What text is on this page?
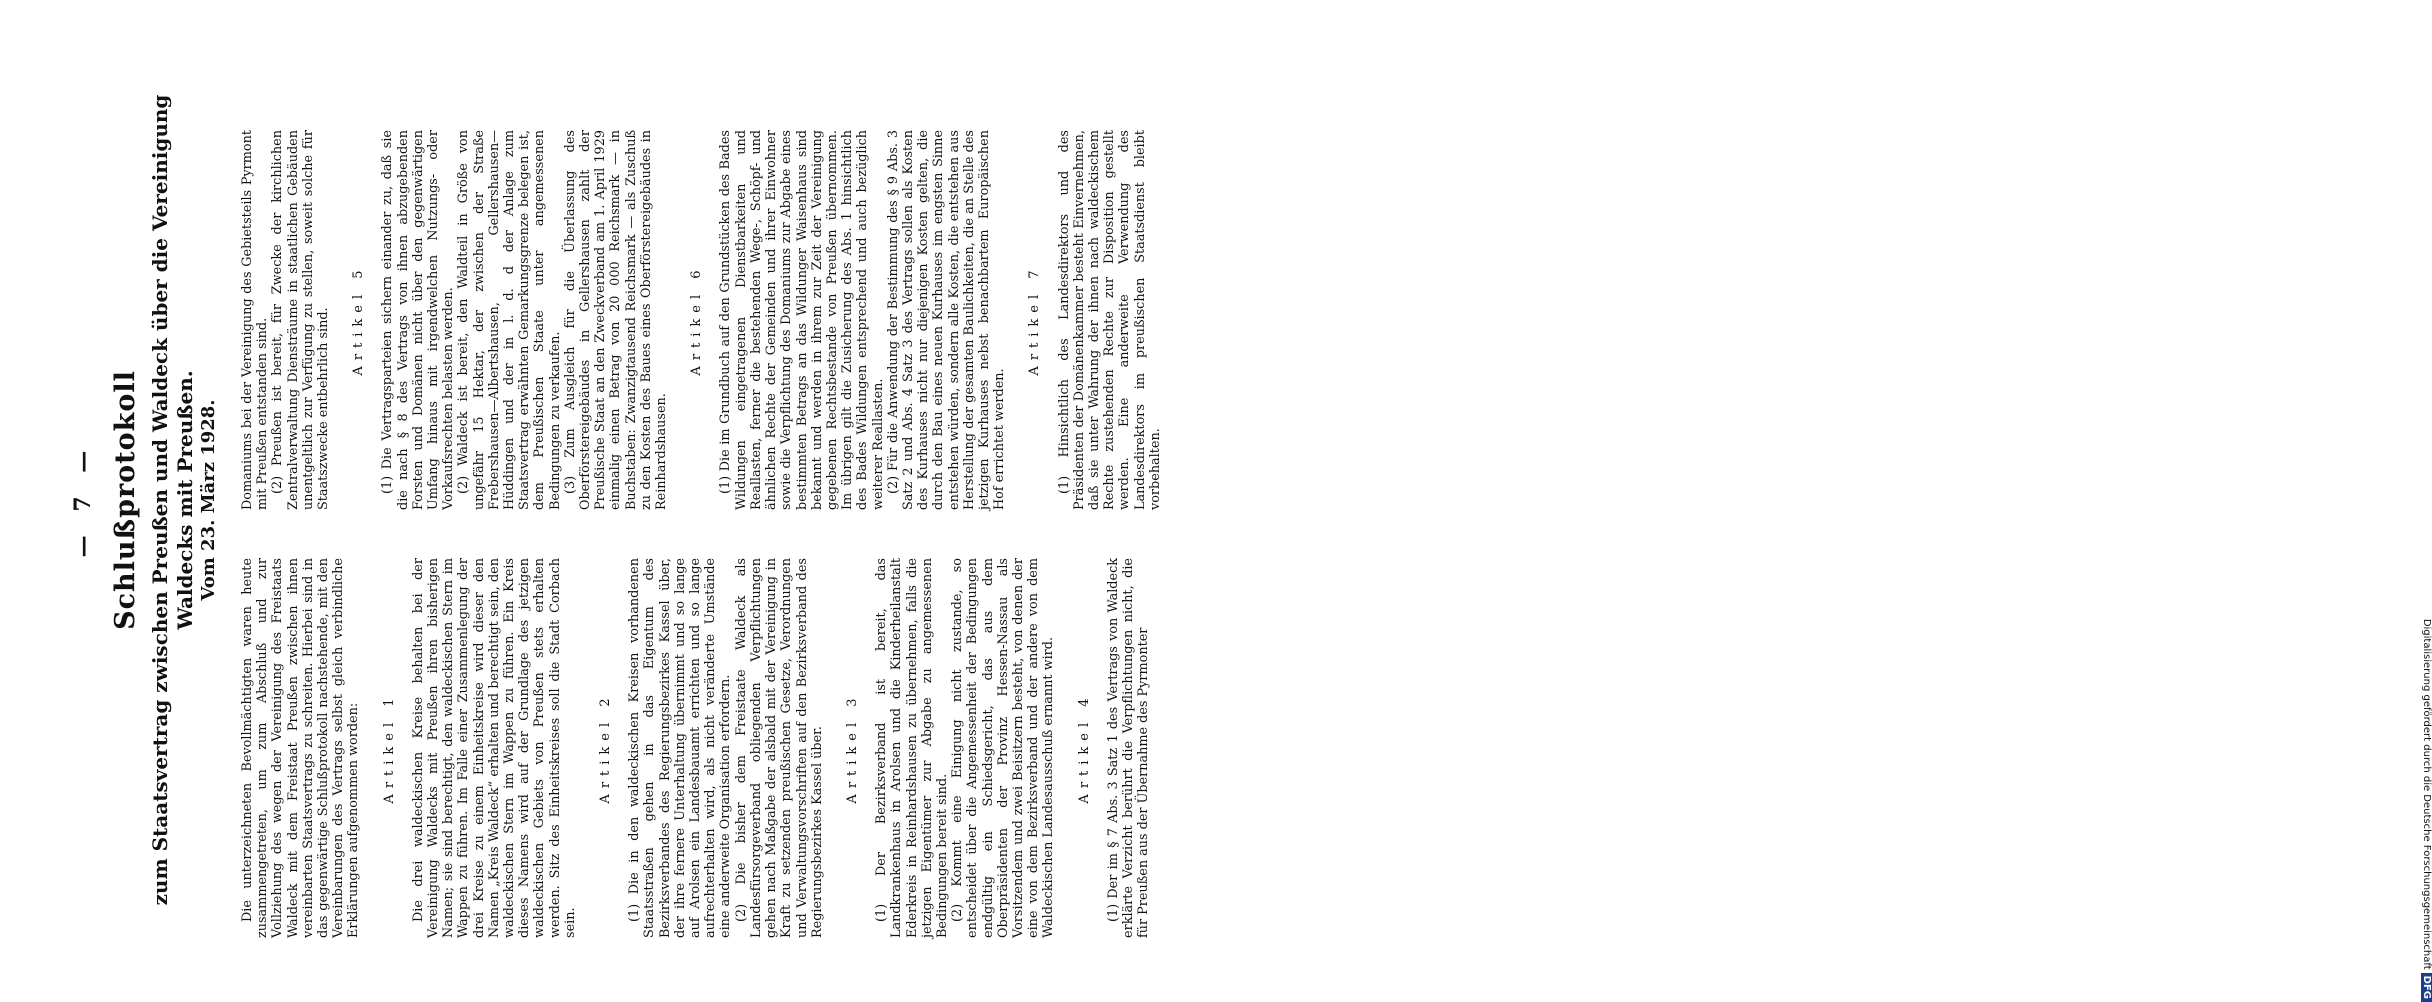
— 7 — Schlußprotokoll zum Staatsvertrag zwischen Preußen und Waldeck über die Vereinigung Waldecks mit Preußen. Vom 23. März 1928.

Die unterzeichneten Bevollmächtigten waren heute zusammengetreten, um zum Abschluß und zur Vollziehung des wegen der Vereinigung des Freistaats Waldeck mit dem Freistaat Preußen zwischen ihnen vereinbarten Staatsvertrags zu schreiten. Hierbei sind in das gegenwärtige Schlußprotokoll nachstehende, mit den Vereinbarungen des Vertrags selbst gleich verbindliche Erklärungen aufgenommen worden: Artikel 1 Die drei waldeckischen Kreise behalten bei der Vereinigung Waldecks mit Preußen ihren bisherigen Namen; sie sind berechtigt, den waldeckischen Stern im Wappen zu führen. Im Falle einer Zusammenlegung der drei Kreise zu einem Einheitskreise wird dieser den Namen „Kreis Waldeck“ erhalten und berechtigt sein, den waldeckischen Stern im Wappen zu führen. Ein Kreis dieses Namens wird auf der Grundlage des jetzigen waldeckischen Gebiets von Preußen stets erhalten werden. Sitz des Einheitskreises soll die Stadt Corbach sein.

Artikel 2 (1) Die in den waldeckischen Kreisen vorhandenen Staatsstraßen gehen in das Eigentum des Bezirksverbandes des Regierungsbezirkes Kassel über, der ihre fernere Unterhaltung übernimmt und so lange auf Arolsen ein Landesbauamt errichten und so lange aufrechterhalten wird, als nicht veränderte Umstände eine anderweite Organisation erfordern. (2) Die bisher dem Freistaate Waldeck als Landesfürsorgeverband obliegenden Verpflichtungen gehen nach Maßgabe der alsbald mit der Vereinigung in Kraft zu setzenden preußischen Gesetze, Verordnungen und Verwaltungsvorschriften auf den Bezirksverband des Regierungsbezirkes Kassel über. Artikel 3 (1) Der Bezirksverband ist bereit, das Landkrankenhaus in Arolsen und die Kinderheilanstalt Ederkreis in Reinhardshausen zu übernehmen, falls die jetzigen Eigentümer zur Abgabe zu angemessenen Bedingungen bereit sind. (2) Kommt eine Einigung nicht zustande, so entscheidet über die Angemessenheit der Bedingungen endgültig ein Schiedsgericht, das aus dem Oberpräsidenten der Provinz Hessen-Nassau als Vorsitzendem und zwei Beisitzern besteht, von denen der eine von dem Bezirksverband und der andere von dem Waldeckischen Landesausschuß ernannt wird. Artikel 4 (1) Der im § 7 Abs. 3 Satz 1 des Vertrags von Waldeck erklärte Verzicht berührt die Verpflichtungen nicht, die für Preußen aus der Übernahme des Pyrmonter

Domaniums bei der Vereinigung des Gebietsteils Pyrmont mit Preußen entstanden sind. (2) Preußen ist bereit, für Zwecke der kirchlichen Zentralverwaltung Diensträume in staatlichen Gebäuden unentgeltlich zur Verfügung zu stellen, soweit solche für Staatszwecke entbehrlich sind. Artikel 5 (1) Die Vertragsparteien sichern einander zu, daß sie die nach § 8 des Vertrags von ihnen abzugebenden Forsten und Domänen nicht über den gegenwärtigen Umfang hinaus mit irgendwelchen Nutzungs- oder Vorkaufsrechten belasten werden. (2) Waldeck ist bereit, den Waldteil in Größe von ungefähr 15 Hektar, der zwischen der Straße Frebershausen—Albertshausen, Gellershausen—Hüddingen und der in l. d. d der Anlage zum Staatsvertrag erwähnten Gemarkungsgrenze belegen ist, dem Preußischen Staate unter angemessenen Bedingungen zu verkaufen. (3) Zum Ausgleich für die Überlassung des Oberförstereigebäudes in Gellershausen zahlt der Preußische Staat an den Zweckverband am 1. April 1929 einmalig einen Betrag von 20 000 Reichsmark — in Buchstaben: Zwanzigtausend Reichsmark — als Zuschuß zu den Kosten des Baues eines Oberförstereigebäudes in Reinhardshausen.

Artikel 6 (1) Die im Grundbuch auf den Grundstücken des Bades Wildungen eingetragenen Dienstbarkeiten und Reallasten, ferner die bestehenden Wege-, Schöpf- und ähnlichen Rechte der Gemeinden und ihrer Einwohner sowie die Verpflichtung des Domaniums zur Abgabe eines bestimmten Betrags an das Wildunger Waisenhaus sind bekannt und werden in ihrem zur Zeit der Vereinigung gegebenen Rechtsbestande von Preußen übernommen. Im übrigen gilt die Zusicherung des Abs. 1 hinsichtlich des Bades Wildungen entsprechend und auch bezüglich weiterer Reallasten. (2) Für die Anwendung der Bestimmung des § 9 Abs. 3 Satz 2 und Abs. 4 Satz 3 des Vertrags sollen als Kosten des Kurhauses nicht nur diejenigen Kosten gelten, die durch den Bau eines neuen Kurhauses im engsten Sinne entstehen würden, sondern alle Kosten, die entstehen aus Herstellung der gesamten Baulichkeiten, die an Stelle des jetzigen Kurhauses nebst benachbartem Europäischen Hof errichtet werden.

Artikel 7 (1) Hinsichtlich des Landesdirektors und des Präsidenten der Domänenkammer besteht Einvernehmen, daß sie unter Wahrung der ihnen nach waldeckischem Rechte zustehenden Rechte zur Disposition gestellt werden. Eine anderweite Verwendung des Landesdirektors im preußischen Staatsdienst bleibt vorbehalten.

Digitalisierung gefördert durch die Deutsche ForschungsgemeinschaftDFG
